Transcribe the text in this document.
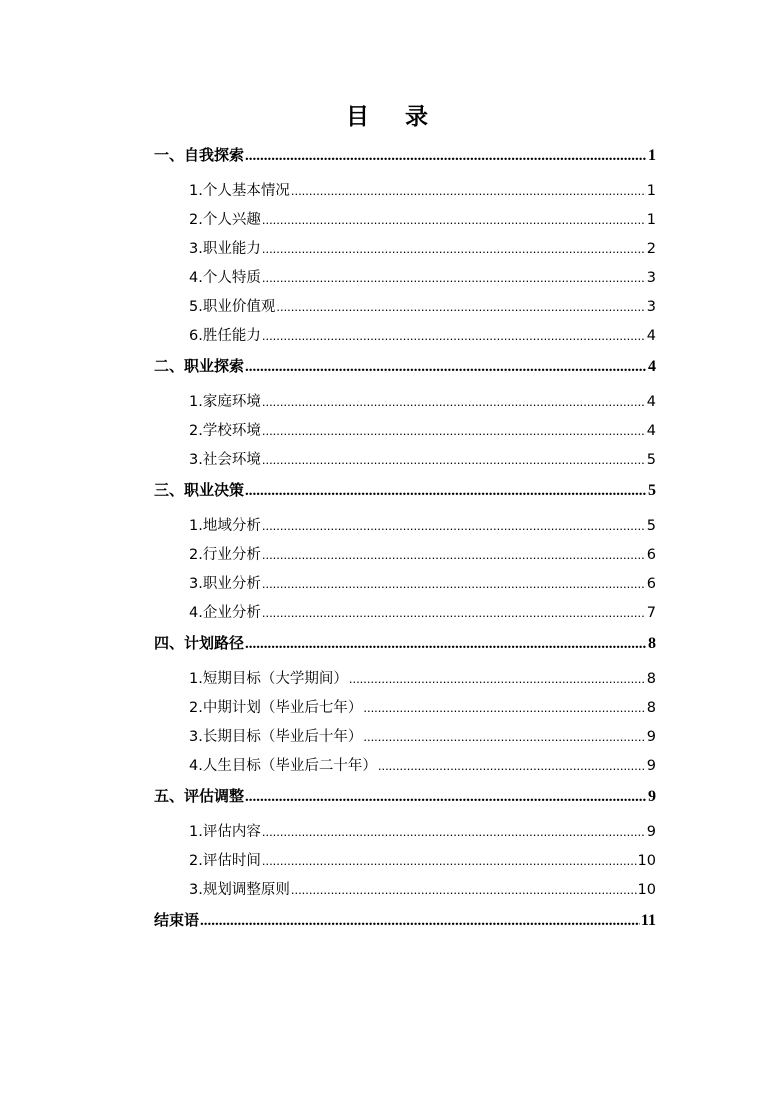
目 录
一、自我探索 .....	1
1.个人基本情况 .....	1
2.个人兴趣 .....	1
3.职业能力 .....	2
4.个人特质 .....	3
5.职业价值观 .....	3
6.胜任能力 .....	4
二、职业探索 .....	4
1.家庭环境 .....	4
2.学校环境 .....	4
3.社会环境 .....	5
三、职业决策 .....	5
1.地域分析 .....	5
2.行业分析 .....	6
3.职业分析 .....	6
4.企业分析 .....	7
四、计划路径 .....	8
1.短期目标（大学期间） .....	8
2.中期计划（毕业后七年） .....	8
3.长期目标（毕业后十年） .....	9
4.人生目标（毕业后二十年） .....	9
五、评估调整 .....	9
1.评估内容 .....	9
2.评估时间 .....	10
3.规划调整原则 .....	10
结束语 .....	11
